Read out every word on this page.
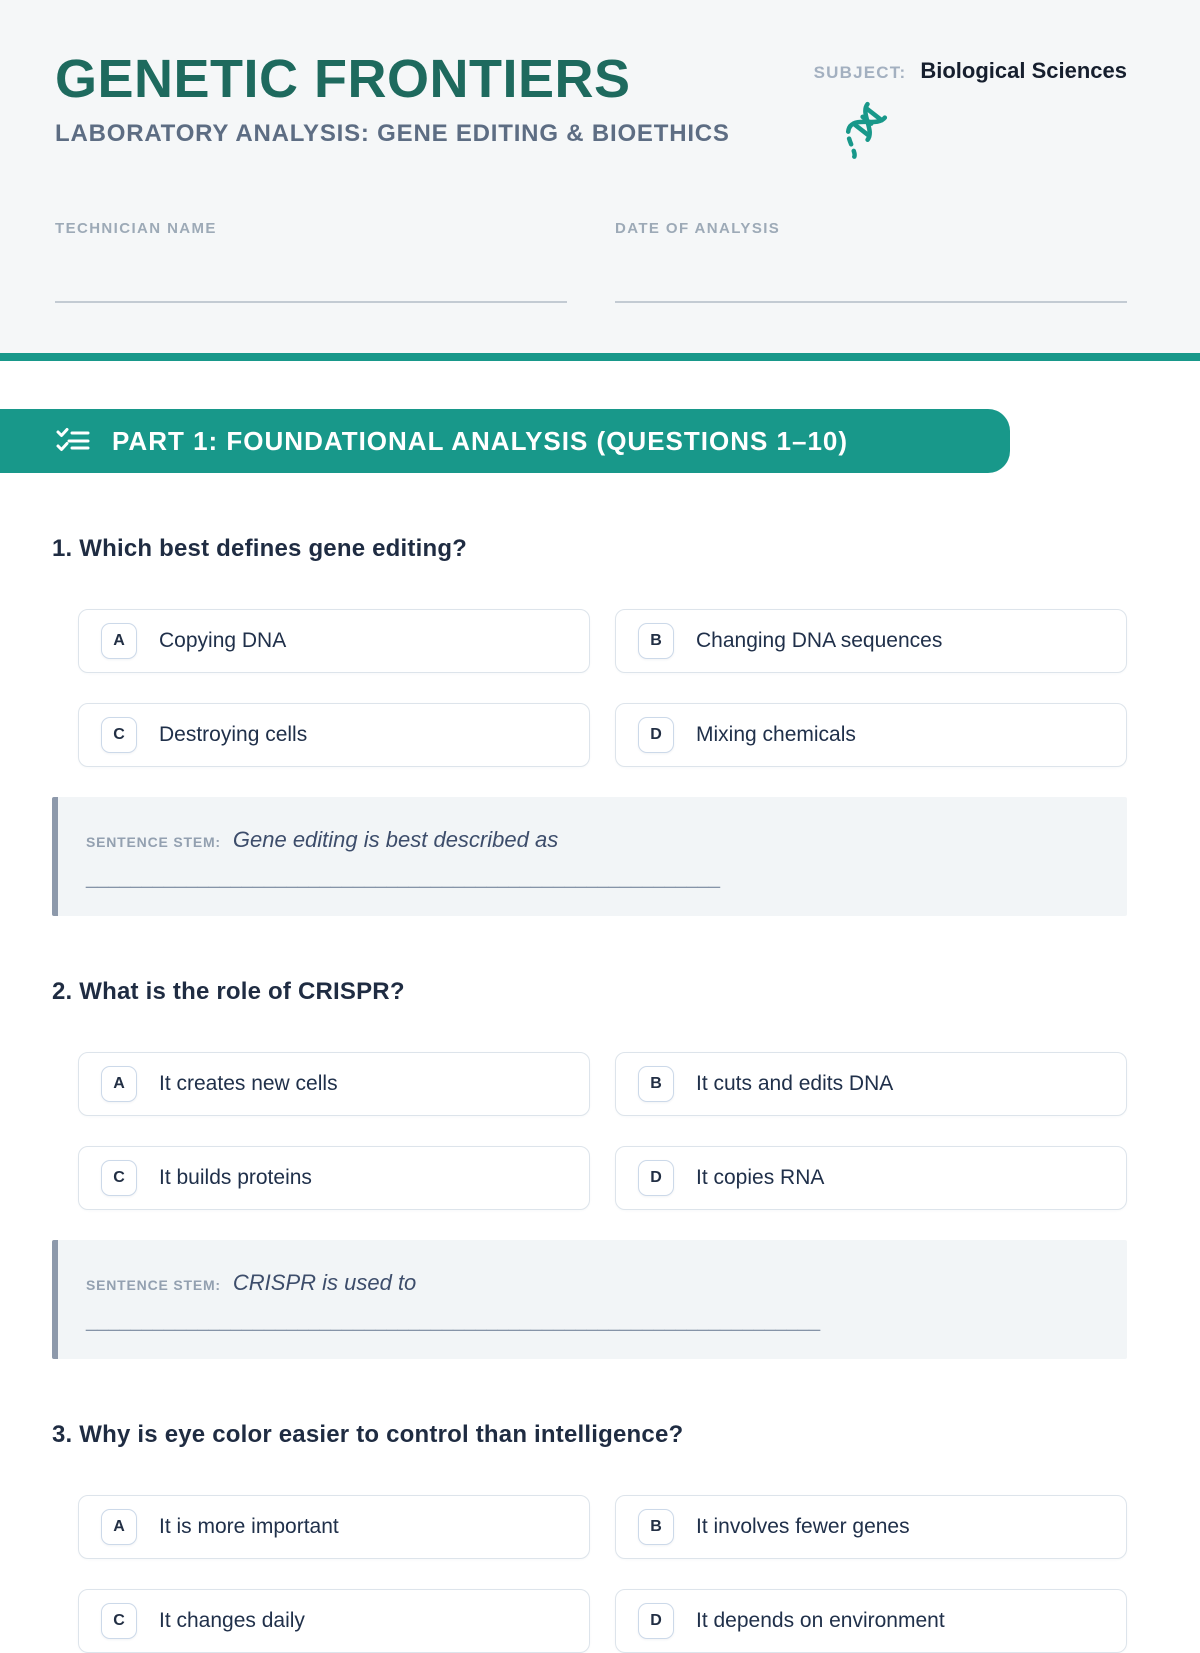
GENETIC FRONTIERS
LABORATORY ANALYSIS: GENE EDITING & BIOETHICS
SUBJECT: Biological Sciences
TECHNICIAN NAME	DATE OF ANALYSIS
PART 1: FOUNDATIONAL ANALYSIS (QUESTIONS 1–10)
1. Which best defines gene editing?
A	Copying DNA	B	Changing DNA sequences
C	Destroying cells	D	Mixing chemicals
SENTENCE STEM: Gene editing is best described as
_________________________________________________________
2. What is the role of CRISPR?
A	It creates new cells	B	It cuts and edits DNA
C	It builds proteins	D	It copies RNA
SENTENCE STEM: CRISPR is used to
__________________________________________________________________
3. Why is eye color easier to control than intelligence?
A	It is more important	B	It involves fewer genes
C	It changes daily	D	It depends on environment
